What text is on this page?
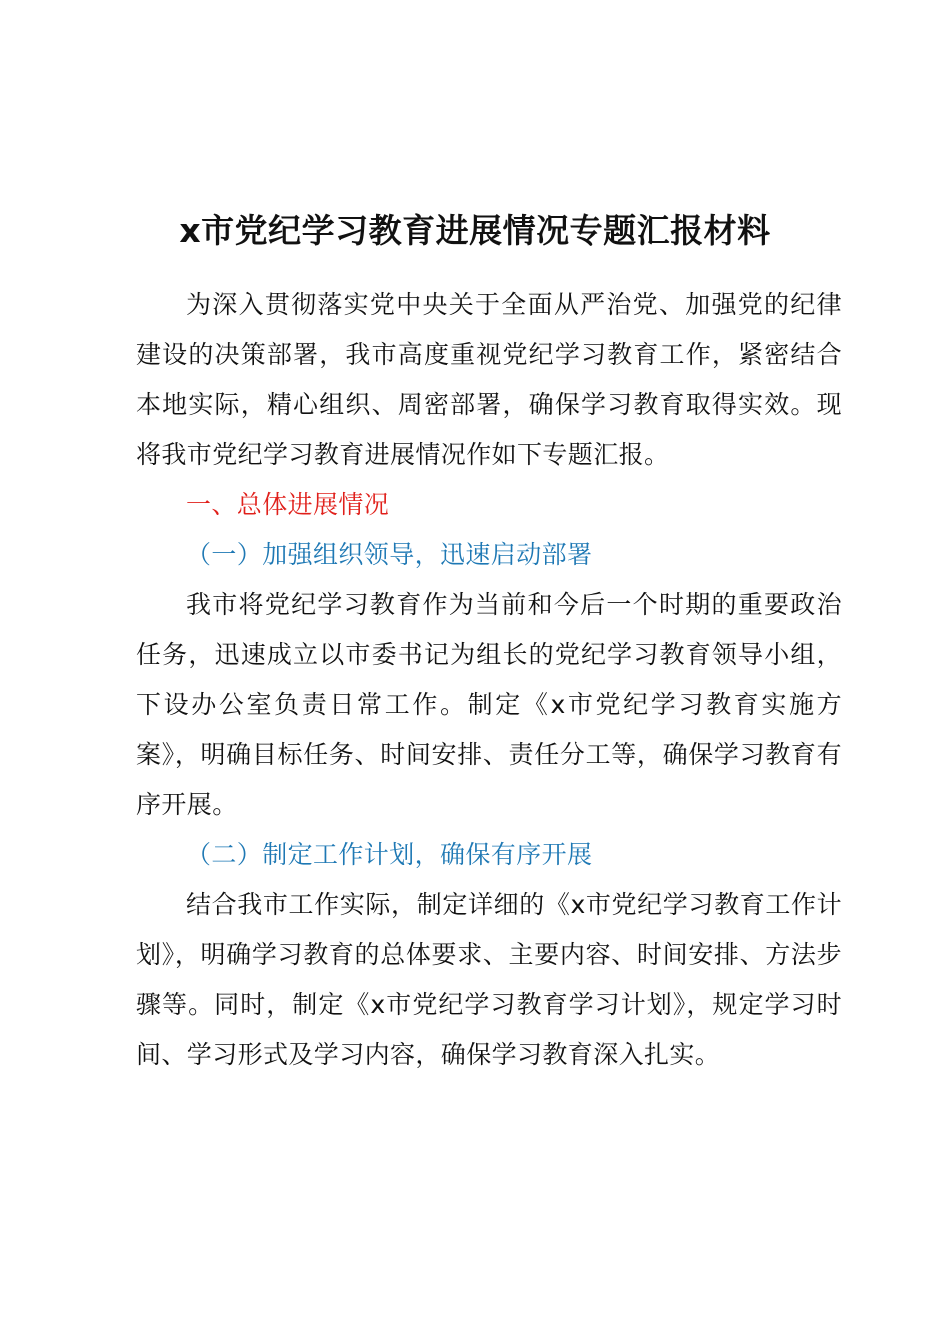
x市党纪学习教育进展情况专题汇报材料

为深入贯彻落实党中央关于全面从严治党、加强党的纪律建设的决策部署，我市高度重视党纪学习教育工作，紧密结合本地实际，精心组织、周密部署，确保学习教育取得实效。现将我市党纪学习教育进展情况作如下专题汇报。

一、总体进展情况

（一）加强组织领导，迅速启动部署

我市将党纪学习教育作为当前和今后一个时期的重要政治任务，迅速成立以市委书记为组长的党纪学习教育领导小组，下设办公室负责日常工作。制定《x市党纪学习教育实施方案》，明确目标任务、时间安排、责任分工等，确保学习教育有序开展。

（二）制定工作计划，确保有序开展

结合我市工作实际，制定详细的《x市党纪学习教育工作计划》，明确学习教育的总体要求、主要内容、时间安排、方法步骤等。同时，制定《x市党纪学习教育学习计划》，规定学习时间、学习形式及学习内容，确保学习教育深入扎实。
